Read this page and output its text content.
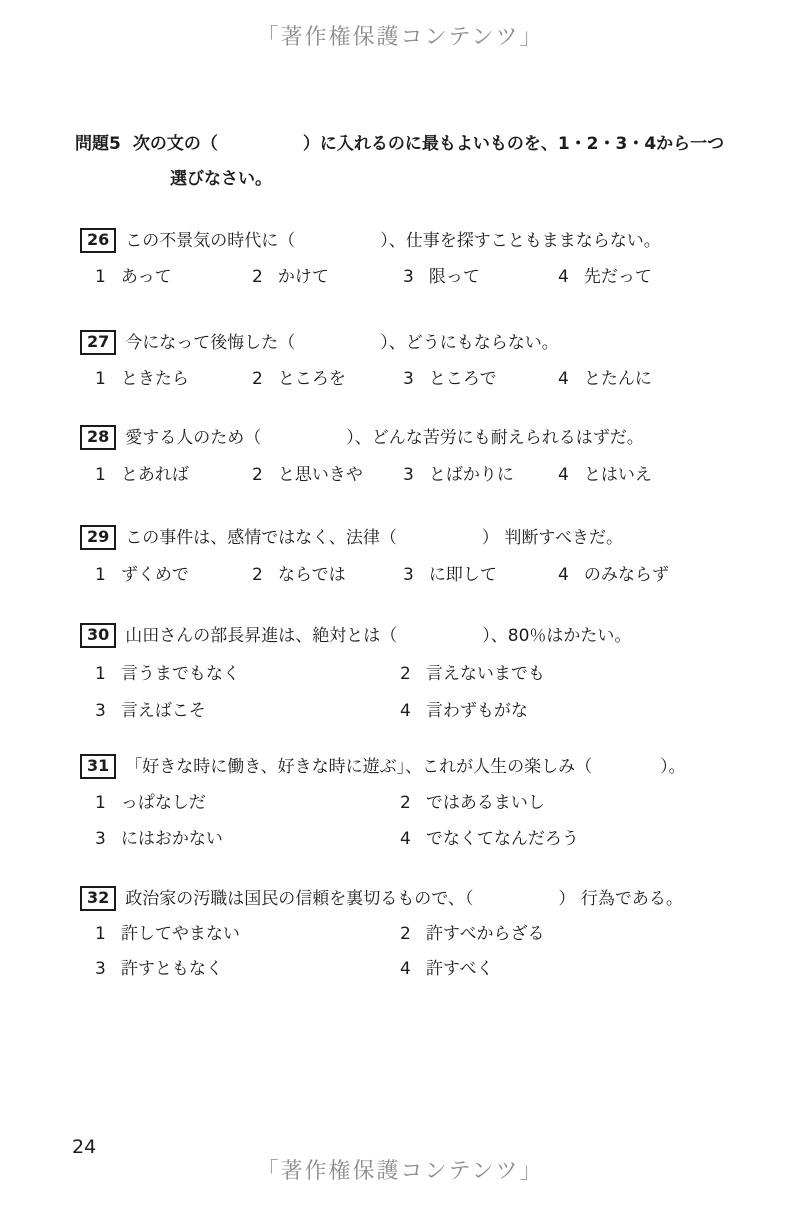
「著作権保護コンテンツ」
問題5 次の文の（　　　　　）に入れるのに最もよいものを、1・2・3・4から一つ
選びなさい。
26 この不景気の時代に（　　　　　）、仕事を探すこともままならない。
1 あって	2 かけて	3 限って	4 先だって
27 今になって後悔した（　　　　　）、どうにもならない。
1 ときたら	2 ところを	3 ところで	4 とたんに
28 愛する人のため（　　　　　）、どんな苦労にも耐えられるはずだ。
1 とあれば	2 と思いきや 3 とばかりに	4 とはいえ
29 この事件は、感情ではなく、法律（　　　　　） 判断すべきだ。
1 ずくめで	2 ならでは	3 に即して	4 のみならず
30 山田さんの部長昇進は、絶対とは（　　　　　）、80％はかたい。
1 言うまでもなく	2 言えないまでも
3 言えばこそ	4 言わずもがな
31 「好きな時に働き、好きな時に遊ぶ」、これが人生の楽しみ（　　　　）。
1 っぱなしだ	2 ではあるまいし
3 にはおかない	4 でなくてなんだろう
32 政治家の汚職は国民の信頼を裏切るもので、（　　　　　） 行為である。
1 許してやまない	2 許すべからざる
3 許すともなく	4 許すべく
24
「著作権保護コンテンツ」
